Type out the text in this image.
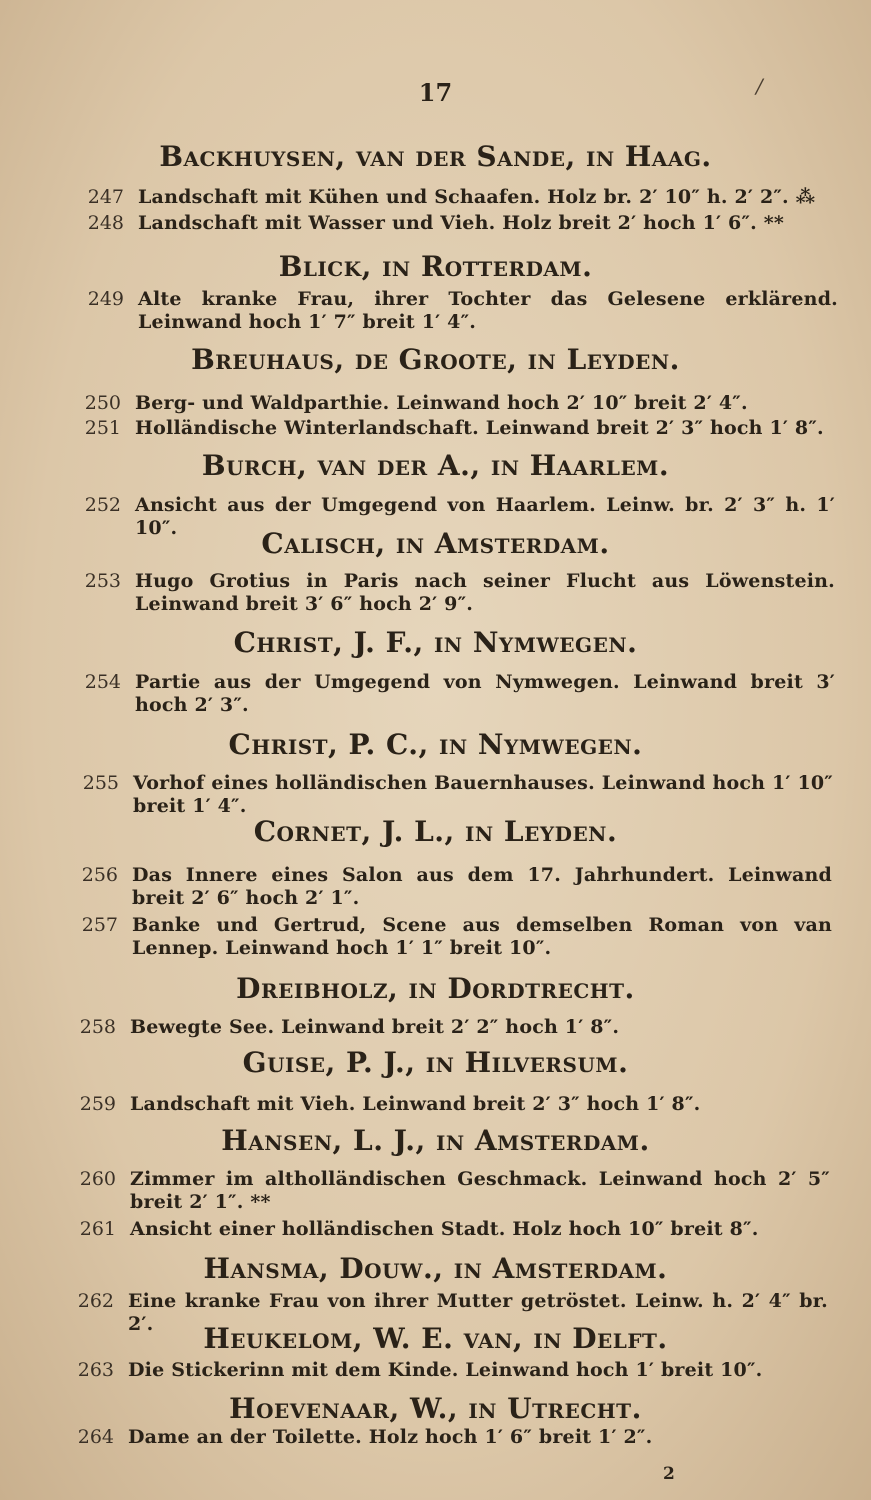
17	/
Backhuysen, van der Sande, in Haag.
247 Landschaft mit Kühen und Schaafen. Holz br. 2′ 10″ h. 2′ 2″. ⁂
248 Landschaft mit Wasser und Vieh. Holz breit 2′ hoch 1′ 6″. **
Blick, in Rotterdam.
249 Alte kranke Frau, ihrer Tochter das Gelesene erklärend. Leinwand hoch 1′ 7″ breit 1′ 4″.
Breuhaus, de Groote, in Leyden.
250 Berg- und Waldparthie. Leinwand hoch 2′ 10″ breit 2′ 4″.
251 Holländische Winterlandschaft. Leinwand breit 2′ 3″ hoch 1′ 8″.
Burch, van der A., in Haarlem.
252 Ansicht aus der Umgegend von Haarlem. Leinw. br. 2′ 3″ h. 1′ 10″.	Calisch, in Amsterdam.
253 Hugo Grotius in Paris nach seiner Flucht aus Löwenstein. Leinwand breit 3′ 6″ hoch 2′ 9″.
Christ, J. F., in Nymwegen.
254 Partie aus der Umgegend von Nymwegen. Leinwand breit 3′ hoch 2′ 3″.
Christ, P. C., in Nymwegen.
255 Vorhof eines holländischen Bauernhauses. Leinwand hoch 1′ 10″ breit 1′ 4″.
Cornet, J. L., in Leyden.
256 Das Innere eines Salon aus dem 17. Jahrhundert. Leinwand breit 2′ 6″ hoch 2′ 1″.
257 Banke und Gertrud, Scene aus demselben Roman von van Lennep. Leinwand hoch 1′ 1″ breit 10″.
Dreibholz, in Dordtrecht.
258 Bewegte See. Leinwand breit 2′ 2″ hoch 1′ 8″.
Guise, P. J., in Hilversum.
259 Landschaft mit Vieh. Leinwand breit 2′ 3″ hoch 1′ 8″.
Hansen, L. J., in Amsterdam.
260 Zimmer im altholländischen Geschmack. Leinwand hoch 2′ 5″ breit 2′ 1″. **
261 Ansicht einer holländischen Stadt. Holz hoch 10″ breit 8″.
Hansma, Douw., in Amsterdam.
262 Eine kranke Frau von ihrer Mutter getröstet. Leinw. h. 2′ 4″ br. 2′.	Heukelom, W. E. van, in Delft.
263 Die Stickerinn mit dem Kinde. Leinwand hoch 1′ breit 10″.
Hoevenaar, W., in Utrecht.
264 Dame an der Toilette. Holz hoch 1′ 6″ breit 1′ 2″.
2
